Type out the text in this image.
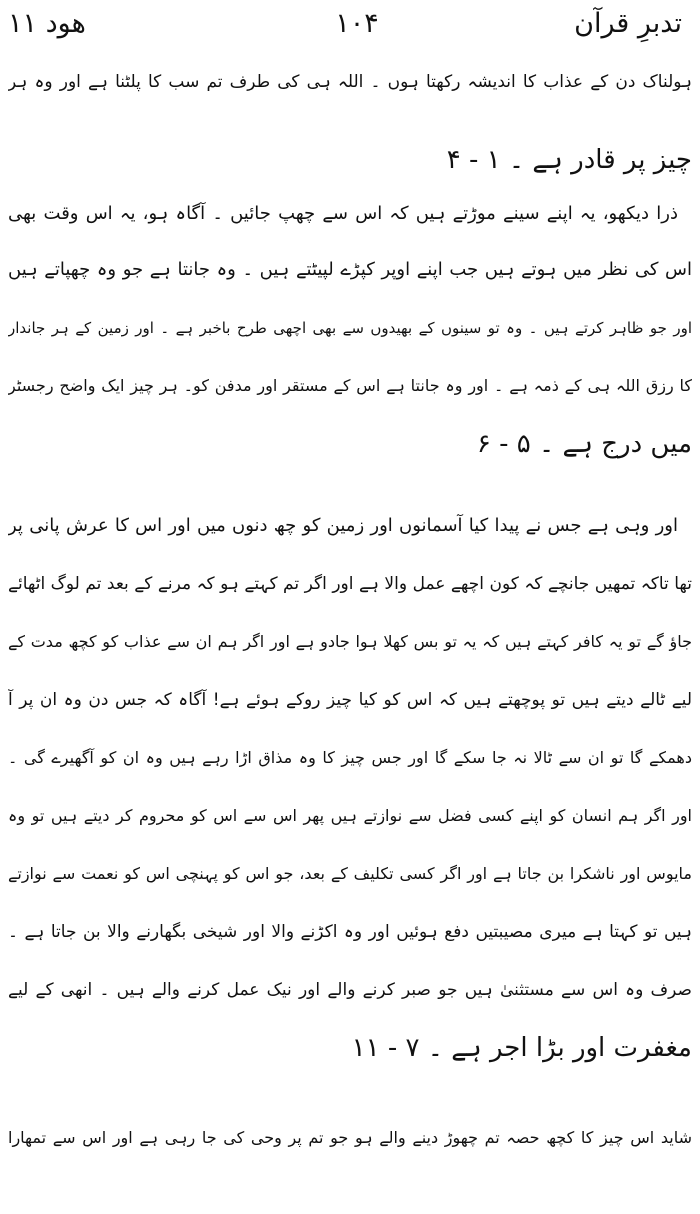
تدبرِ قرآن
۱۰۴
ھود ۱۱
ہولناک دن کے عذاب کا اندیشہ رکھتا ہوں ۔ اللہ ہی کی طرف تم سب کا پلٹنا ہے اور وہ ہر
چیز پر قادر ہے ۔ ۱ - ۴
ذرا دیکھو، یہ اپنے سینے موڑتے ہیں کہ اس سے چھپ جائیں ۔ آگاہ ہو، یہ اس وقت بھی
اس کی نظر میں ہوتے ہیں جب اپنے اوپر کپڑے لپیٹتے ہیں ۔ وہ جانتا ہے جو وہ چھپاتے ہیں
اور جو ظاہر کرتے ہیں ۔ وہ تو سینوں کے بھیدوں سے بھی اچھی طرح باخبر ہے ۔ اور زمین کے ہر جاندار
کا رزق اللہ ہی کے ذمہ ہے ۔ اور وہ جانتا ہے اس کے مستقر اور مدفن کو۔ ہر چیز ایک واضح رجسٹر
میں درج ہے ۔ ۵ - ۶
اور وہی ہے جس نے پیدا کیا آسمانوں اور زمین کو چھ دنوں میں اور اس کا عرش پانی پر
تھا تاکہ تمھیں جانچے کہ کون اچھے عمل والا ہے اور اگر تم کہتے ہو کہ مرنے کے بعد تم لوگ اٹھائے
جاؤ گے تو یہ کافر کہتے ہیں کہ یہ تو بس کھلا ہوا جادو ہے اور اگر ہم ان سے عذاب کو کچھ مدت کے
لیے ٹالے دیتے ہیں تو پوچھتے ہیں کہ اس کو کیا چیز روکے ہوئے ہے! آگاہ کہ جس دن وہ ان پر آ
دھمکے گا تو ان سے ٹالا نہ جا سکے گا اور جس چیز کا وہ مذاق اڑا رہے ہیں وہ ان کو آگھیرے گی ۔
اور اگر ہم انسان کو اپنے کسی فضل سے نوازتے ہیں پھر اس سے اس کو محروم کر دیتے ہیں تو وہ
مایوس اور ناشکرا بن جاتا ہے اور اگر کسی تکلیف کے بعد، جو اس کو پہنچی اس کو نعمت سے نوازتے
ہیں تو کہتا ہے میری مصیبتیں دفع ہوئیں اور وہ اکڑنے والا اور شیخی بگھارنے والا بن جاتا ہے ۔
صرف وہ اس سے مستثنیٰ ہیں جو صبر کرنے والے اور نیک عمل کرنے والے ہیں ۔ انھی کے لیے
مغفرت اور بڑا اجر ہے ۔ ۷ - ۱۱
شاید اس چیز کا کچھ حصہ تم چھوڑ دینے والے ہو جو تم پر وحی کی جا رہی ہے اور اس سے تمھارا
